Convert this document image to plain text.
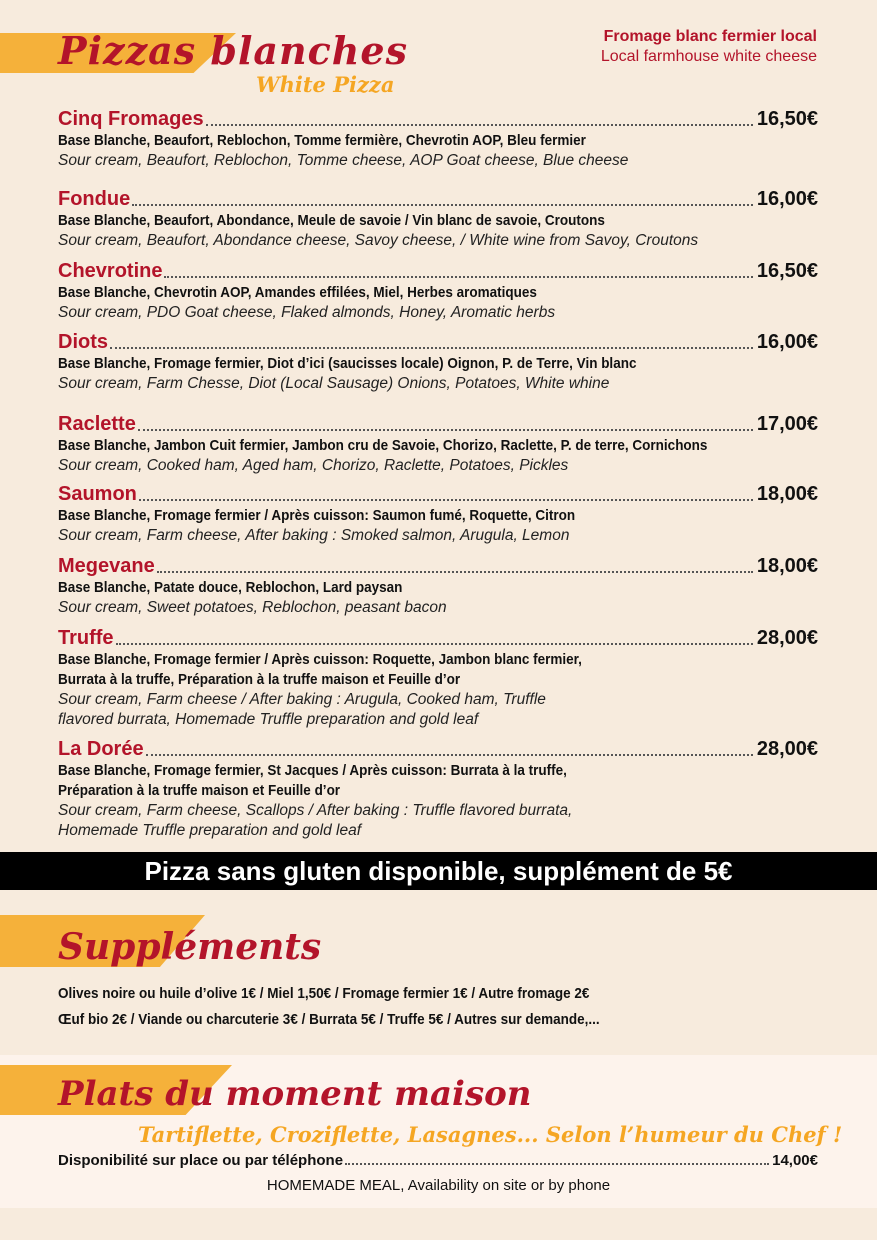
Pizzas blanches
White Pizza
Fromage blanc fermier local
Local farmhouse white cheese
Cinq Fromages	16,50€
Base Blanche, Beaufort, Reblochon, Tomme fermière, Chevrotin AOP, Bleu fermier
Sour cream, Beaufort, Reblochon, Tomme cheese, AOP Goat cheese, Blue cheese
Fondue	16,00€
Base Blanche, Beaufort, Abondance, Meule de savoie / Vin blanc de savoie, Croutons
Sour cream, Beaufort, Abondance cheese, Savoy cheese, / White wine from Savoy, Croutons
Chevrotine	16,50€
Base Blanche, Chevrotin AOP, Amandes effilées, Miel, Herbes aromatiques
Sour cream, PDO Goat cheese, Flaked almonds, Honey, Aromatic herbs
Diots	16,00€
Base Blanche, Fromage fermier, Diot d’ici (saucisses locale) Oignon, P. de Terre, Vin blanc
Sour cream, Farm Chesse, Diot (Local Sausage) Onions, Potatoes, White whine
Raclette	17,00€
Base Blanche, Jambon Cuit fermier, Jambon cru de Savoie, Chorizo, Raclette, P. de terre, Cornichons
Sour cream, Cooked ham, Aged ham, Chorizo, Raclette, Potatoes, Pickles
Saumon	18,00€
Base Blanche, Fromage fermier / Après cuisson: Saumon fumé, Roquette, Citron
Sour cream, Farm cheese, After baking : Smoked salmon, Arugula, Lemon
Megevane	18,00€
Base Blanche, Patate douce, Reblochon, Lard paysan
Sour cream, Sweet potatoes, Reblochon, peasant bacon
Truffe	28,00€
Base Blanche, Fromage fermier / Après cuisson: Roquette, Jambon blanc fermier,
Burrata à la truffe, Préparation à la truffe maison et Feuille d’or
Sour cream, Farm cheese / After baking : Arugula, Cooked ham, Truffle
flavored burrata, Homemade Truffle preparation and gold leaf
La Dorée	28,00€
Base Blanche, Fromage fermier, St Jacques / Après cuisson: Burrata à la truffe,
Préparation à la truffe maison et Feuille d’or
Sour cream, Farm cheese, Scallops / After baking : Truffle flavored burrata,
Homemade Truffle preparation and gold leaf
Pizza sans gluten disponible, supplément de 5€
Suppléments
Olives noire ou huile d’olive 1€ / Miel 1,50€ / Fromage fermier 1€ / Autre fromage 2€
Œuf bio 2€ / Viande ou charcuterie 3€ / Burrata 5€ / Truffe 5€ / Autres sur demande,...
Plats du moment maison
Tartiflette, Croziflette, Lasagnes... Selon l’humeur du Chef !
Disponibilité sur place ou par téléphone	14,00€
HOMEMADE MEAL, Availability on site or by phone
